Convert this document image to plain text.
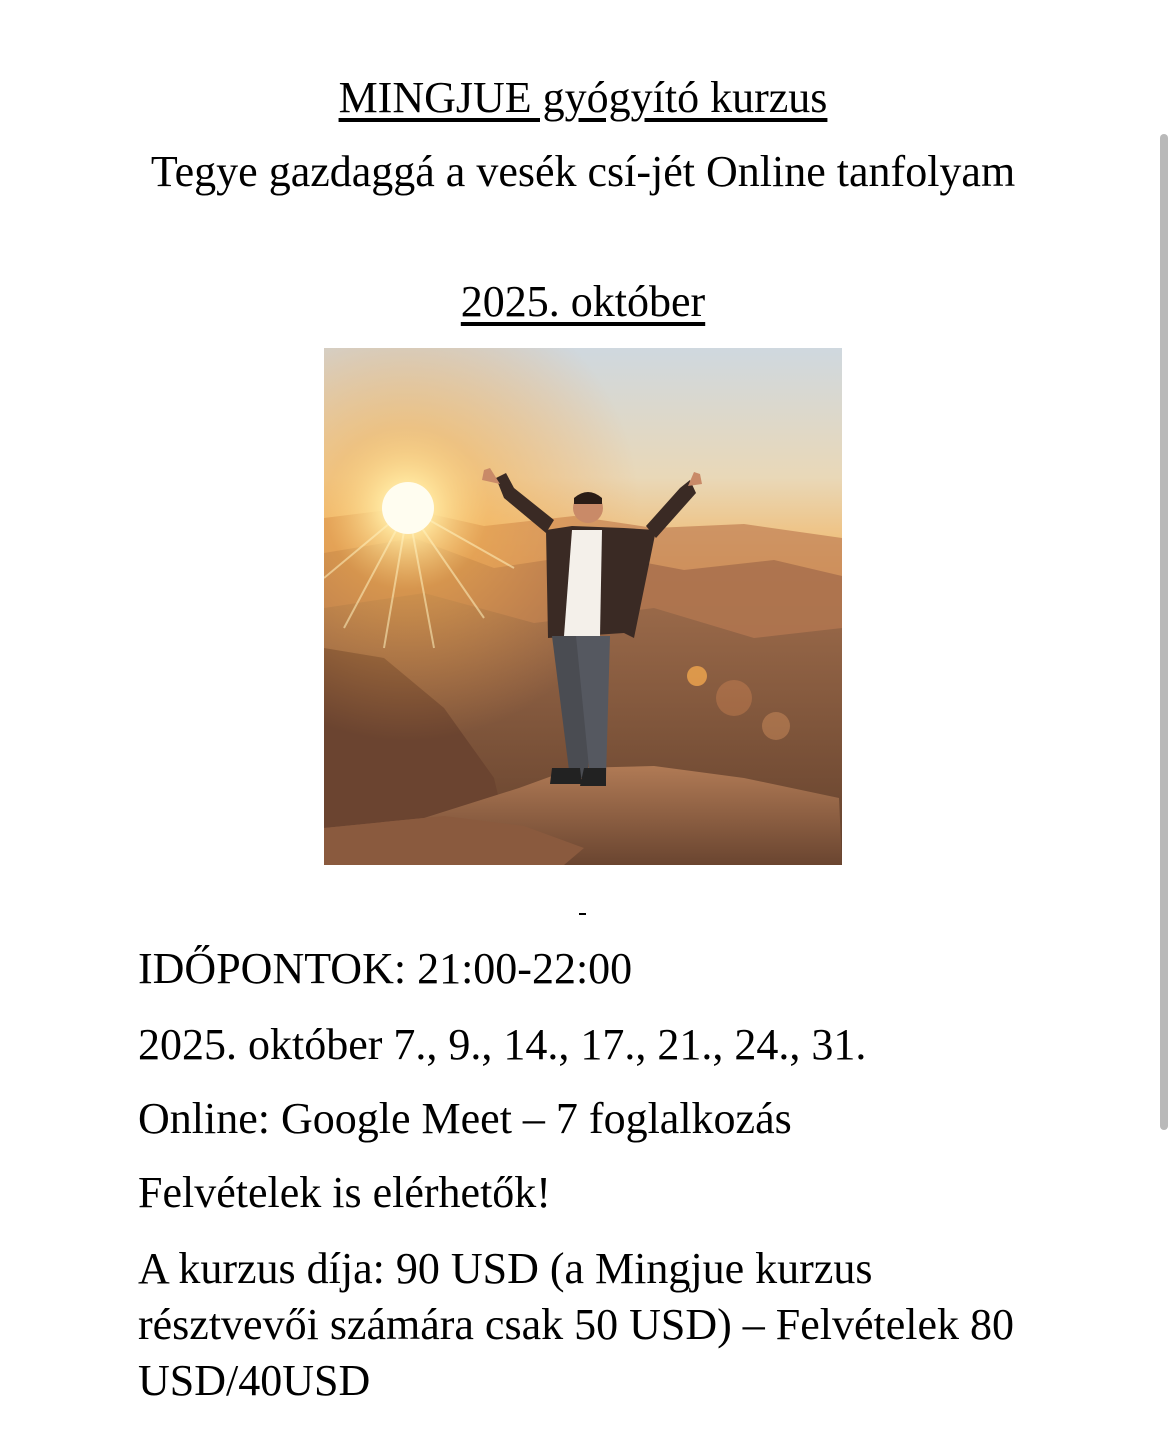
MINGJUE gyógyító kurzus
Tegye gazdaggá a vesék csí-jét Online tanfolyam
2025. október
IDŐPONTOK: 21:00-22:00
2025. október 7., 9., 14., 17., 21., 24., 31.
Online: Google Meet – 7 foglalkozás
Felvételek is elérhetők!
A kurzus díja: 90 USD (a Mingjue kurzus résztvevői számára csak 50 USD) – Felvételek 80 USD/40USD
